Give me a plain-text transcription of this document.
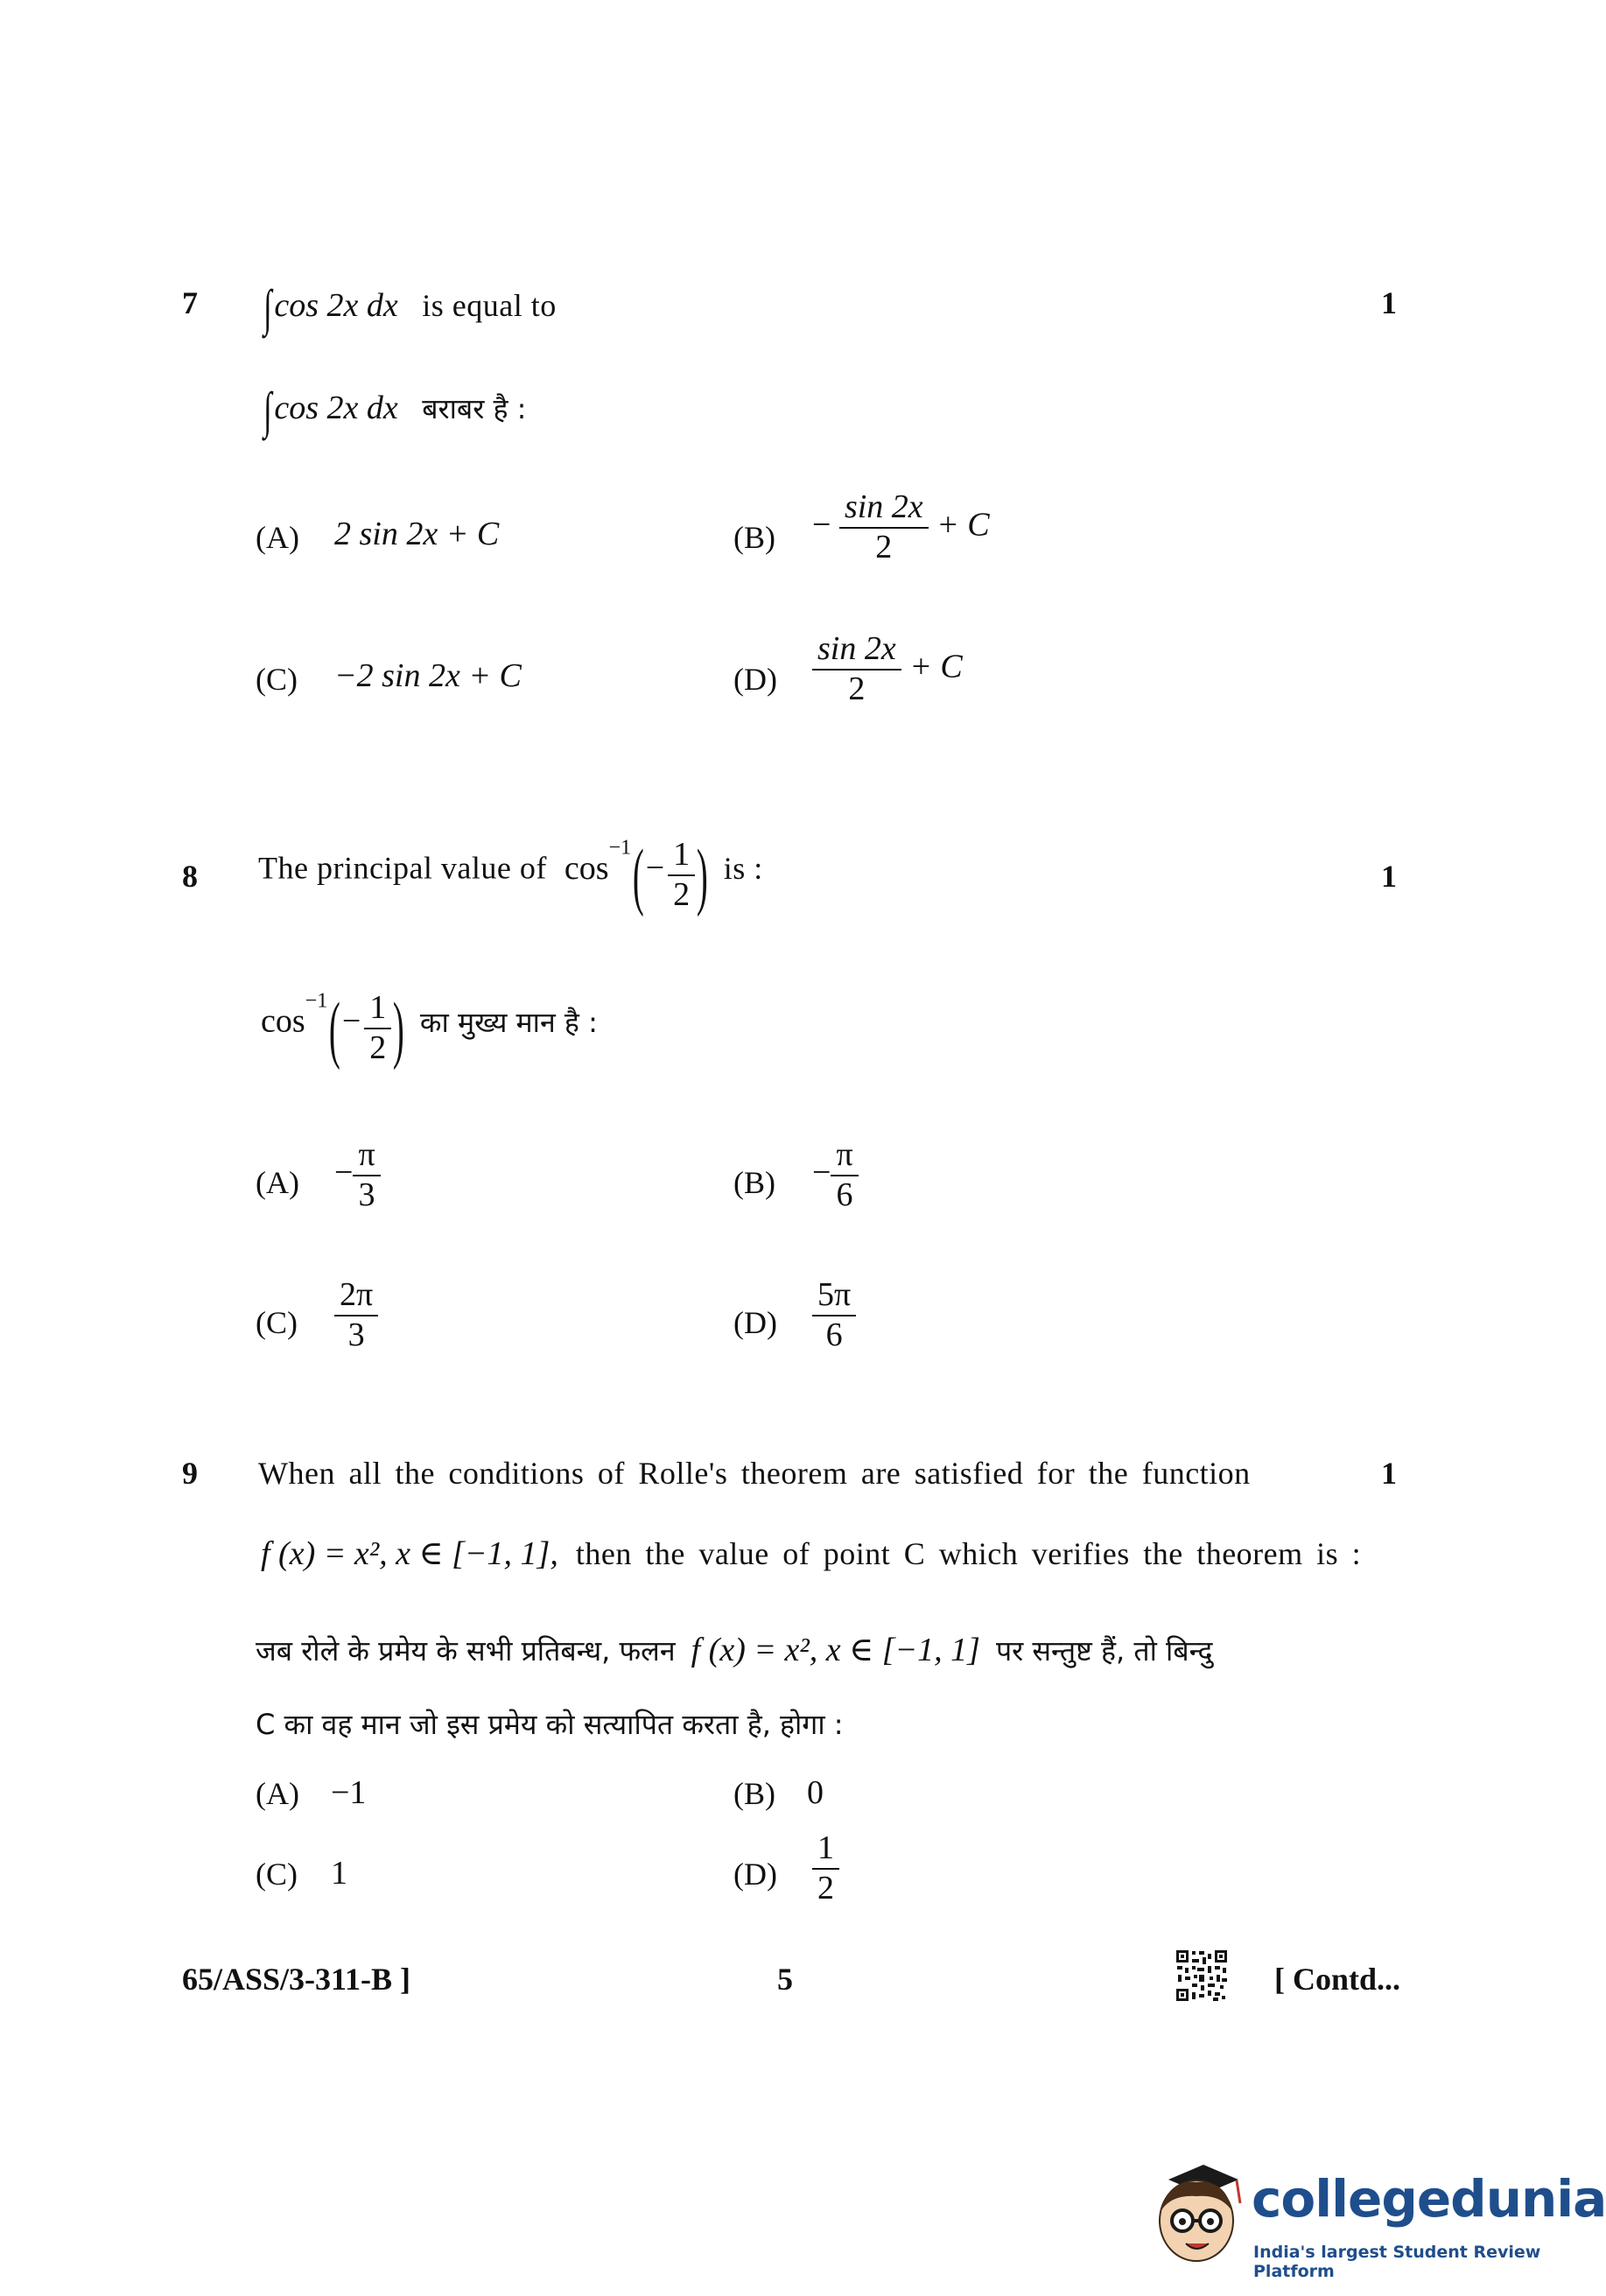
7 ∫ cos 2x dx is equal to	1
∫ cos 2x dx बराबर है :
(A) 2 sin 2x + C	$(B) - \frac{\sin 2x}{2} + C$
(C) −2 sin 2x + C	$(D) \frac{\sin 2x}{2} + C$
8 The principal value of $\cos^{-1}$ ( − $\frac{1}{2}$ ) is :	1
$\cos^{-1}$ ( − $\frac{1}{2}$ ) का मुख्य मान है :
$(A) - \frac{\pi}{3}$	$(B) - \frac{\pi}{6}$
$(C) \frac{2\pi}{3}$	$(D) \frac{5\pi}{6}$
9 When all the conditions of Rolle's theorem are satisfied for the function	1
f (x) = x², x ∈ [−1, 1], then the value of point C which verifies the theorem is :
जब रोले के प्रमेय के सभी प्रतिबन्ध, फलन f (x) = x², x ∈ [−1, 1] पर सन्तुष्ट हैं, तो बिन्दु
C का वह मान जो इस प्रमेय को सत्यापित करता है, होगा :
(A) −1	(B) 0
(C) 1	$(D) \frac{1}{2}$
65/ASS/3-311-B ]	5	[ Contd...
collegedunia
India's largest Student Review Platform
